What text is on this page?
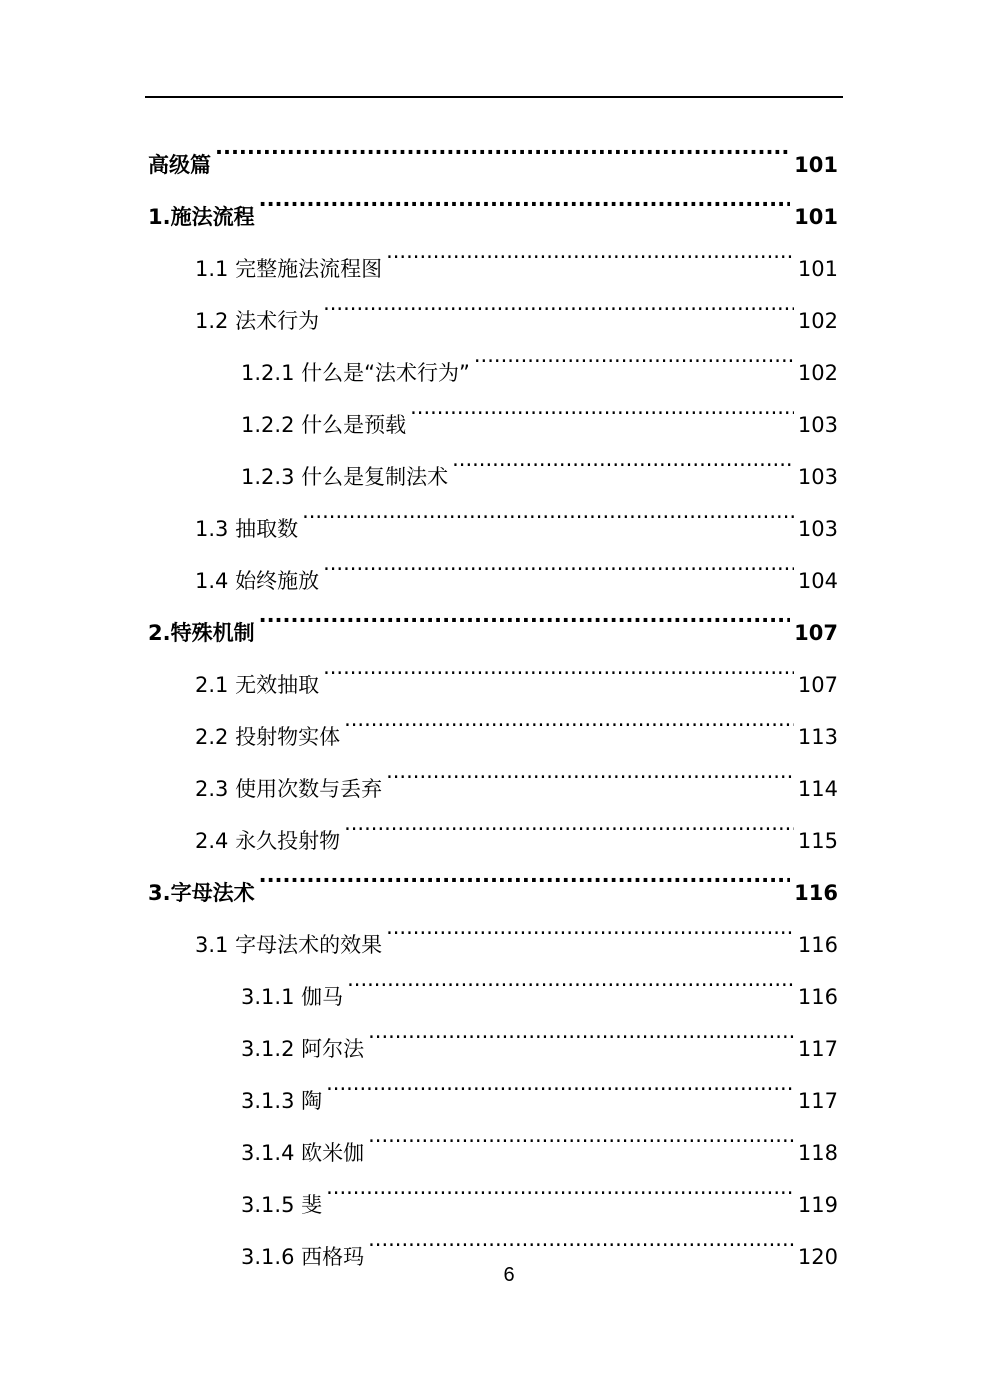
高级篇 .....	101
1.施法流程 .....	101
1.1 完整施法流程图 .....	101
1.2 法术行为 .....	102
1.2.1 什么是“法术行为” .....	102
1.2.2 什么是预载 .....	103
1.2.3 什么是复制法术 .....	103
1.3 抽取数 .....	103
1.4 始终施放 .....	104
2.特殊机制 .....	107
2.1 无效抽取 .....	107
2.2 投射物实体 .....	113
2.3 使用次数与丢弃 .....	114
2.4 永久投射物 .....	115
3.字母法术 .....	116
3.1 字母法术的效果 .....	116
3.1.1 伽马 .....	116
3.1.2 阿尔法 .....	117
3.1.3 陶 .....	117
3.1.4 欧米伽 .....	118
3.1.5 斐 .....	119
3.1.6 西格玛 .....	120
6
